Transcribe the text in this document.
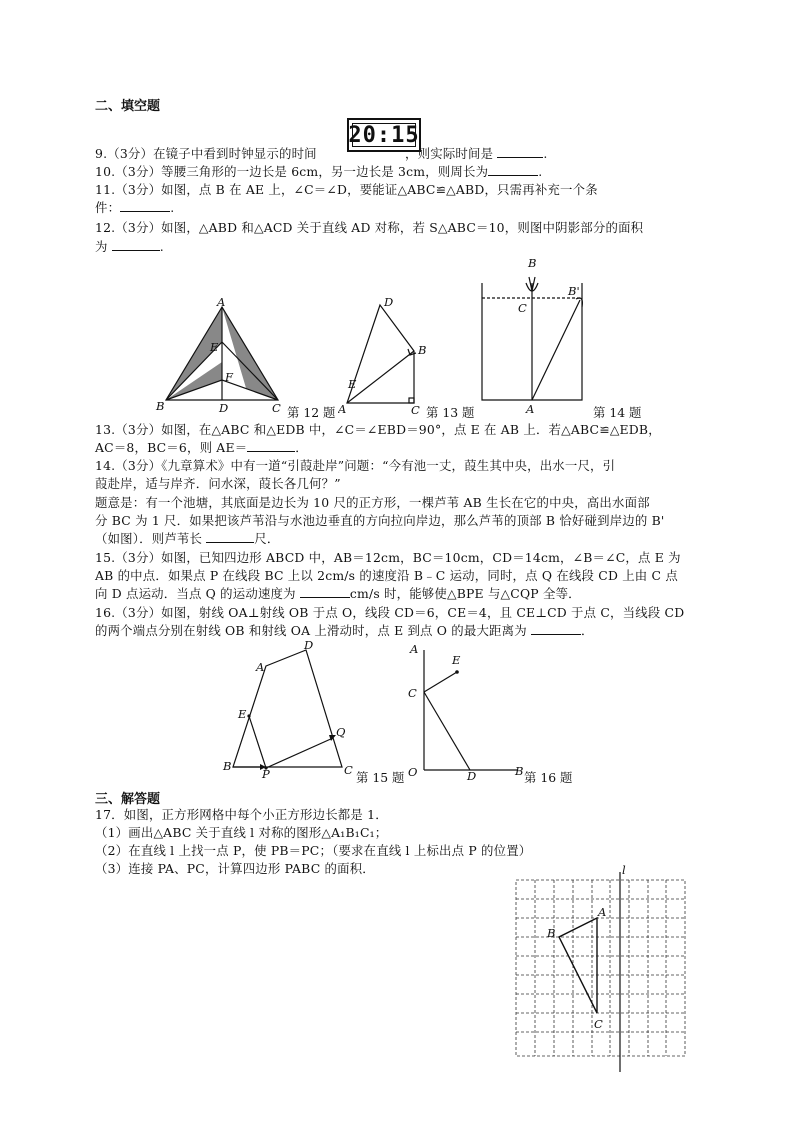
二、填空题
9.（3分）在镜子中看到时钟显示的时间	，则实际时间是	.
20:15
10.（3分）等腰三角形的一边长是 6cm，另一边长是 3cm，则周长为	.
11.（3分）如图，点 B 在 AE 上，∠C＝∠D，要能证△ABC≌△ABD，只需再补充一个条
件：	.
12.（3分）如图，△ABD 和△ACD 关于直线 AD 对称，若 S△ABC＝10，则图中阴影部分的面积
为	.
A
E
F
B	D	C 第 12 题
D
B
E
A	C 第 13 题
B
C
B'
A	第 14 题
13.（3分）如图，在△ABC 和△EDB 中，∠C＝∠EBD＝90°，点 E 在 AB 上．若△ABC≌△EDB，
AC＝8，BC＝6，则 AE＝	．
14.（3分）《九章算术》中有一道“引葭赴岸”问题：“今有池一丈，葭生其中央，出水一尺，引
葭赴岸，适与岸齐．问水深，葭长各几何？”
题意是：有一个池塘，其底面是边长为 10 尺的正方形，一棵芦苇 AB 生长在它的中央，高出水面部
分 BC 为 1 尺．如果把该芦苇沿与水池边垂直的方向拉向岸边，那么芦苇的顶部 B 恰好碰到岸边的 B'
（如图）．则芦苇长	尺．
15.（3分）如图，已知四边形 ABCD 中，AB＝12cm，BC＝10cm，CD＝14cm，∠B＝∠C，点 E 为
AB 的中点．如果点 P 在线段 BC 上以 2cm/s 的速度沿 B﹣C 运动，同时，点 Q 在线段 CD 上由 C 点
向 D 点运动．当点 Q 的运动速度为	cm/s 时，能够使△BPE 与△CQP 全等．
16.（3分）如图，射线 OA⊥射线 OB 于点 O，线段 CD＝6，CE＝4，且 CE⊥CD 于点 C，当线段 CD
的两个端点分别在射线 OB 和射线 OA 上滑动时，点 E 到点 O 的最大距离为	．
A
D
E
Q
B
P	C 第 15 题
A
E
C
O	D	B 第 16 题
三、解答题
17．如图，正方形网格中每个小正方形边长都是 1．
（1）画出△ABC 关于直线 l 对称的图形△A₁B₁C₁；
（2）在直线 l 上找一点 P，使 PB＝PC；（要求在直线 l 上标出点 P 的位置）
（3）连接 PA、PC，计算四边形 PABC 的面积．	l
A
B
C
